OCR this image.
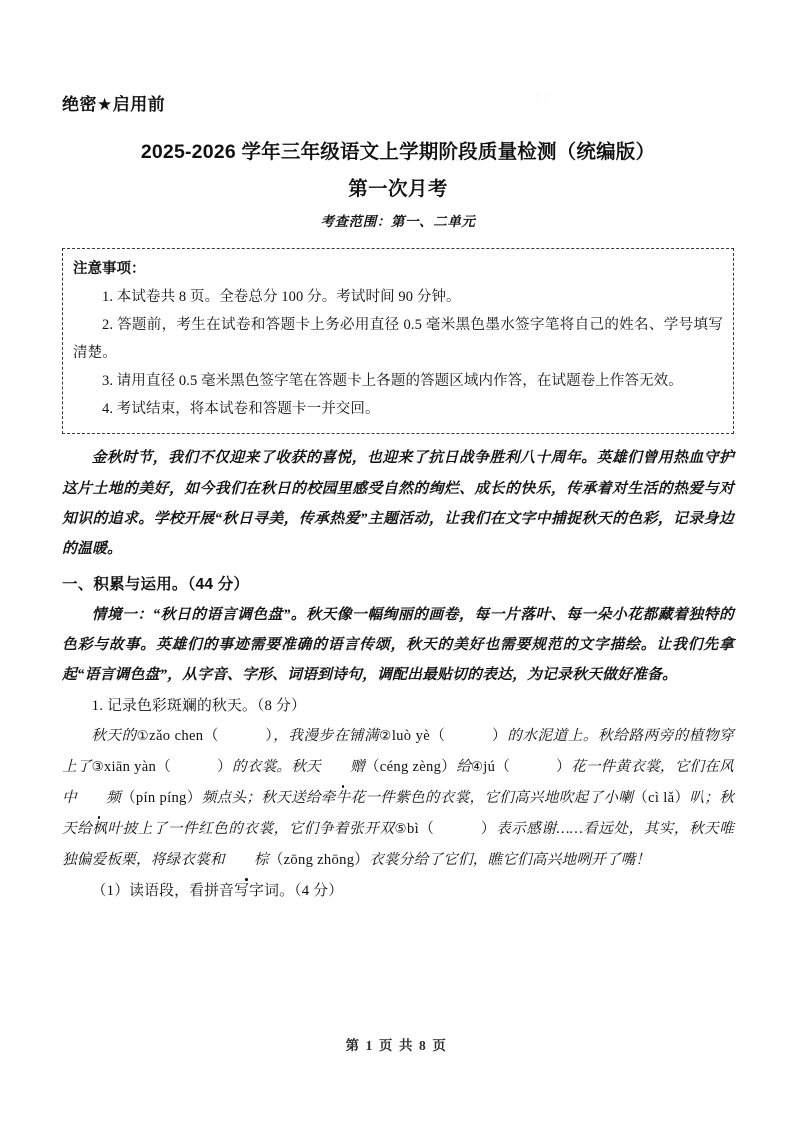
⋮⋮
绝密★启用前
2025-2026 学年三年级语文上学期阶段质量检测（统编版）
第一次月考
考查范围：第一、二单元
注意事项：
1. 本试卷共 8 页。全卷总分 100 分。考试时间 90 分钟。
2. 答题前，考生在试卷和答题卡上务必用直径 0.5 毫米黑色墨水签字笔将自己的姓名、学号填写清楚。
3. 请用直径 0.5 毫米黑色签字笔在答题卡上各题的答题区域内作答，在试题卷上作答无效。
4. 考试结束，将本试卷和答题卡一并交回。
金秋时节，我们不仅迎来了收获的喜悦，也迎来了抗日战争胜利八十周年。英雄们曾用热血守护这片土地的美好，如今我们在秋日的校园里感受自然的绚烂、成长的快乐，传承着对生活的热爱与对知识的追求。学校开展“秋日寻美，传承热爱”主题活动，让我们在文字中捕捉秋天的色彩，记录身边的温暖。
一、积累与运用。（44 分）
情境一：“秋日的语言调色盘”。秋天像一幅绚丽的画卷，每一片落叶、每一朵小花都藏着独特的色彩与故事。英雄们的事迹需要准确的语言传颂，秋天的美好也需要规范的文字描绘。让我们先拿起“语言调色盘”，从字音、字形、词语到诗句，调配出最贴切的表达，为记录秋天做好准备。
1. 记录色彩斑斓的秋天。（8 分）
秋天的①zǎo chen（	），我漫步在铺满②luò yè（	）的水泥道上。秋给路两旁的植物穿上了③xiān yàn（	）的衣裳。秋天 赠（céng zèng）给④jú（	）花一件黄衣裳，它们在风中 频（pín píng）频点头；秋天送给牵牛花一件紫色的衣裳，它们高兴地吹起了小喇（cì lǎ）叭；秋天给枫叶披上了一件红色的衣裳，它们争着张开双⑤bì（	）表示感谢……看远处，其实，秋天唯独偏爱板栗，将绿衣裳和 棕（zōng zhōng）衣裳分给了它们，瞧它们高兴地咧开了嘴！
（1）读语段，看拼音写字词。（4 分）
第 1 页 共 8 页
